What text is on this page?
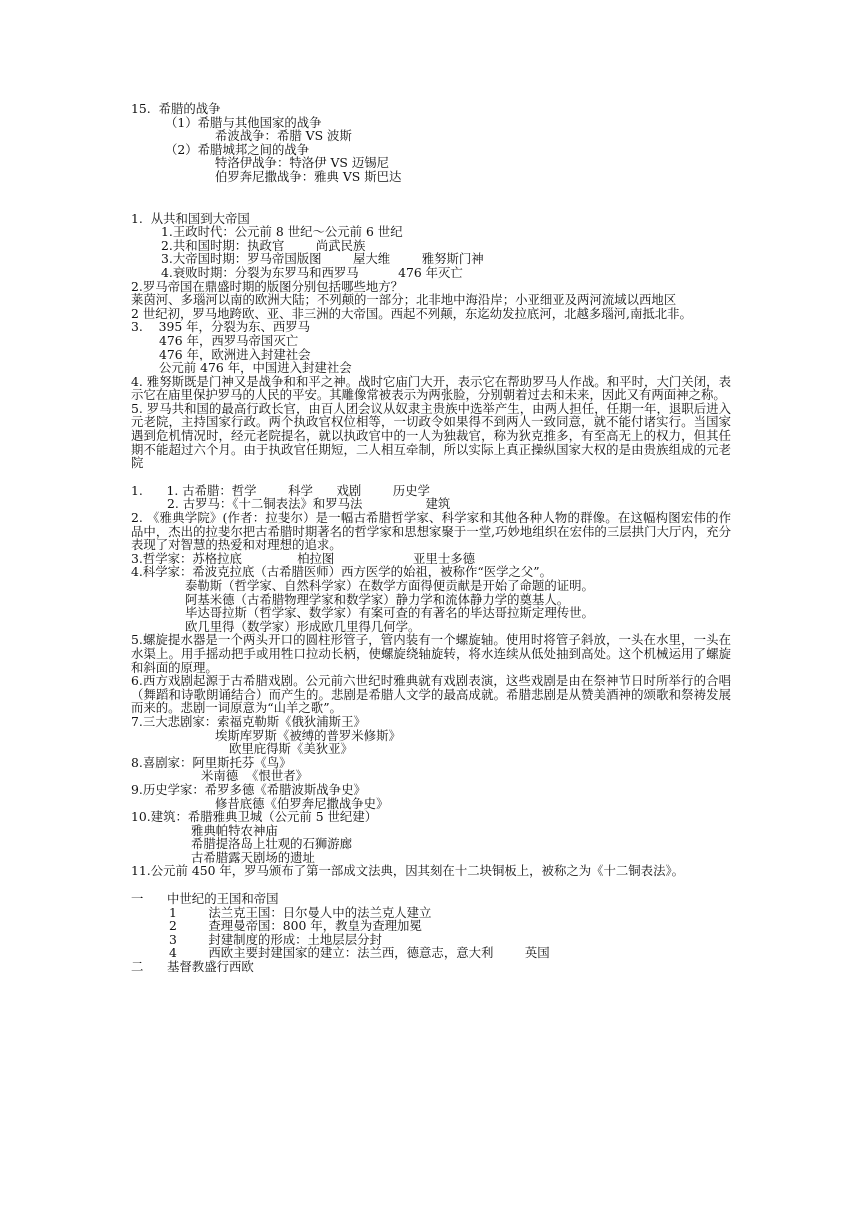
15.  希腊的战争
（1）希腊与其他国家的战争
希波战争：希腊 VS 波斯
（2）希腊城邦之间的战争
特洛伊战争：特洛伊 VS 迈锡尼
伯罗奔尼撒战争：雅典 VS 斯巴达
1.  从共和国到大帝国
1.王政时代：公元前 8 世纪～公元前 6 世纪
2.共和国时期：执政官        尚武民族
3.大帝国时期：罗马帝国版图        屋大维        雅努斯门神
4.衰败时期：分裂为东罗马和西罗马          476 年灭亡
2.罗马帝国在鼎盛时期的版图分别包括哪些地方？
莱茵河、多瑙河以南的欧洲大陆；不列颠的一部分；北非地中海沿岸；小亚细亚及两河流域以西地区
2 世纪初，罗马地跨欧、亚、非三洲的大帝国。西起不列颠，东迄幼发拉底河，北越多瑙河,南抵北非。
3.    395 年，分裂为东、西罗马
476 年，西罗马帝国灭亡
476 年，欧洲进入封建社会
公元前 476 年，中国进入封建社会
4. 雅努斯既是门神又是战争和和平之神。战时它庙门大开，表示它在帮助罗马人作战。和平时，大门关闭，表示它在庙里保护罗马的人民的平安。其雕像常被表示为两张脸，分别朝着过去和未来，因此又有两面神之称。
5. 罗马共和国的最高行政长官，由百人团会议从奴隶主贵族中选举产生，由两人担任，任期一年，退职后进入元老院，主持国家行政。两个执政官权位相等，一切政令如果得不到两人一致同意，就不能付诸实行。当国家遇到危机情况时，经元老院提名，就以执政官中的一人为独裁官，称为狄克推多，有至高无上的权力，但其任期不能超过六个月。由于执政官任期短，二人相互牵制，所以实际上真正操纵国家大权的是由贵族组成的元老院
1.      1. 古希腊：哲学        科学      戏剧        历史学
2. 古罗马：《十二铜表法》和罗马法                建筑
2. 《雅典学院》(作者：拉斐尔）是一幅古希腊哲学家、科学家和其他各种人物的群像。在这幅构图宏伟的作品中，杰出的拉斐尔把古希腊时期著名的哲学家和思想家聚于一堂,巧妙地组织在宏伟的三层拱门大厅内，充分表现了对智慧的热爱和对理想的追求。
3.哲学家：苏格拉底              柏拉图                    亚里士多德
4.科学家：希波克拉底（古希腊医师）西方医学的始祖，被称作“医学之父”。
泰勒斯（哲学家、自然科学家）在数学方面得便贡献是开始了命题的证明。
阿基米德（古希腊物理学家和数学家）静力学和流体静力学的奠基人。
毕达哥拉斯（哲学家、数学家）有案可查的有著名的毕达哥拉斯定理传世。
欧几里得（数学家）形成欧几里得几何学。
5.螺旋提水器是一个两头开口的圆柱形管子，管内装有一个螺旋轴。使用时将管子斜放，一头在水里，一头在水渠上。用手摇动把手或用牲口拉动长柄，使螺旋绕轴旋转，将水连续从低处抽到高处。这个机械运用了螺旋和斜面的原理。
6.西方戏剧起源于古希腊戏剧。公元前六世纪时雅典就有戏剧表演，这些戏剧是由在祭神节日时所举行的合唱（舞蹈和诗歌朗诵结合）而产生的。悲剧是希腊人文学的最高成就。希腊悲剧是从赞美酒神的颂歌和祭祷发展而来的。悲剧一词原意为“山羊之歌”。
7.三大悲剧家：索福克勒斯《俄狄浦斯王》
埃斯库罗斯《被缚的普罗米修斯》
欧里庇得斯《美狄亚》
8.喜剧家：阿里斯托芬《鸟》
米南德  《恨世者》
9.历史学家：希罗多德《希腊波斯战争史》
修昔底德《伯罗奔尼撒战争史》
10.建筑：希腊雅典卫城（公元前 5 世纪建）
雅典帕特农神庙
希腊提洛岛上壮观的石狮游廊
古希腊露天剧场的遗址
11.公元前 450 年，罗马颁布了第一部成文法典，因其刻在十二块铜板上，被称之为《十二铜表法》。
一      中世纪的王国和帝国
1        法兰克王国：日尔曼人中的法兰克人建立
2        查理曼帝国：800 年，教皇为查理加冕
3        封建制度的形成：土地层层分封
4        西欧主要封建国家的建立：法兰西，德意志，意大利        英国
二      基督教盛行西欧
